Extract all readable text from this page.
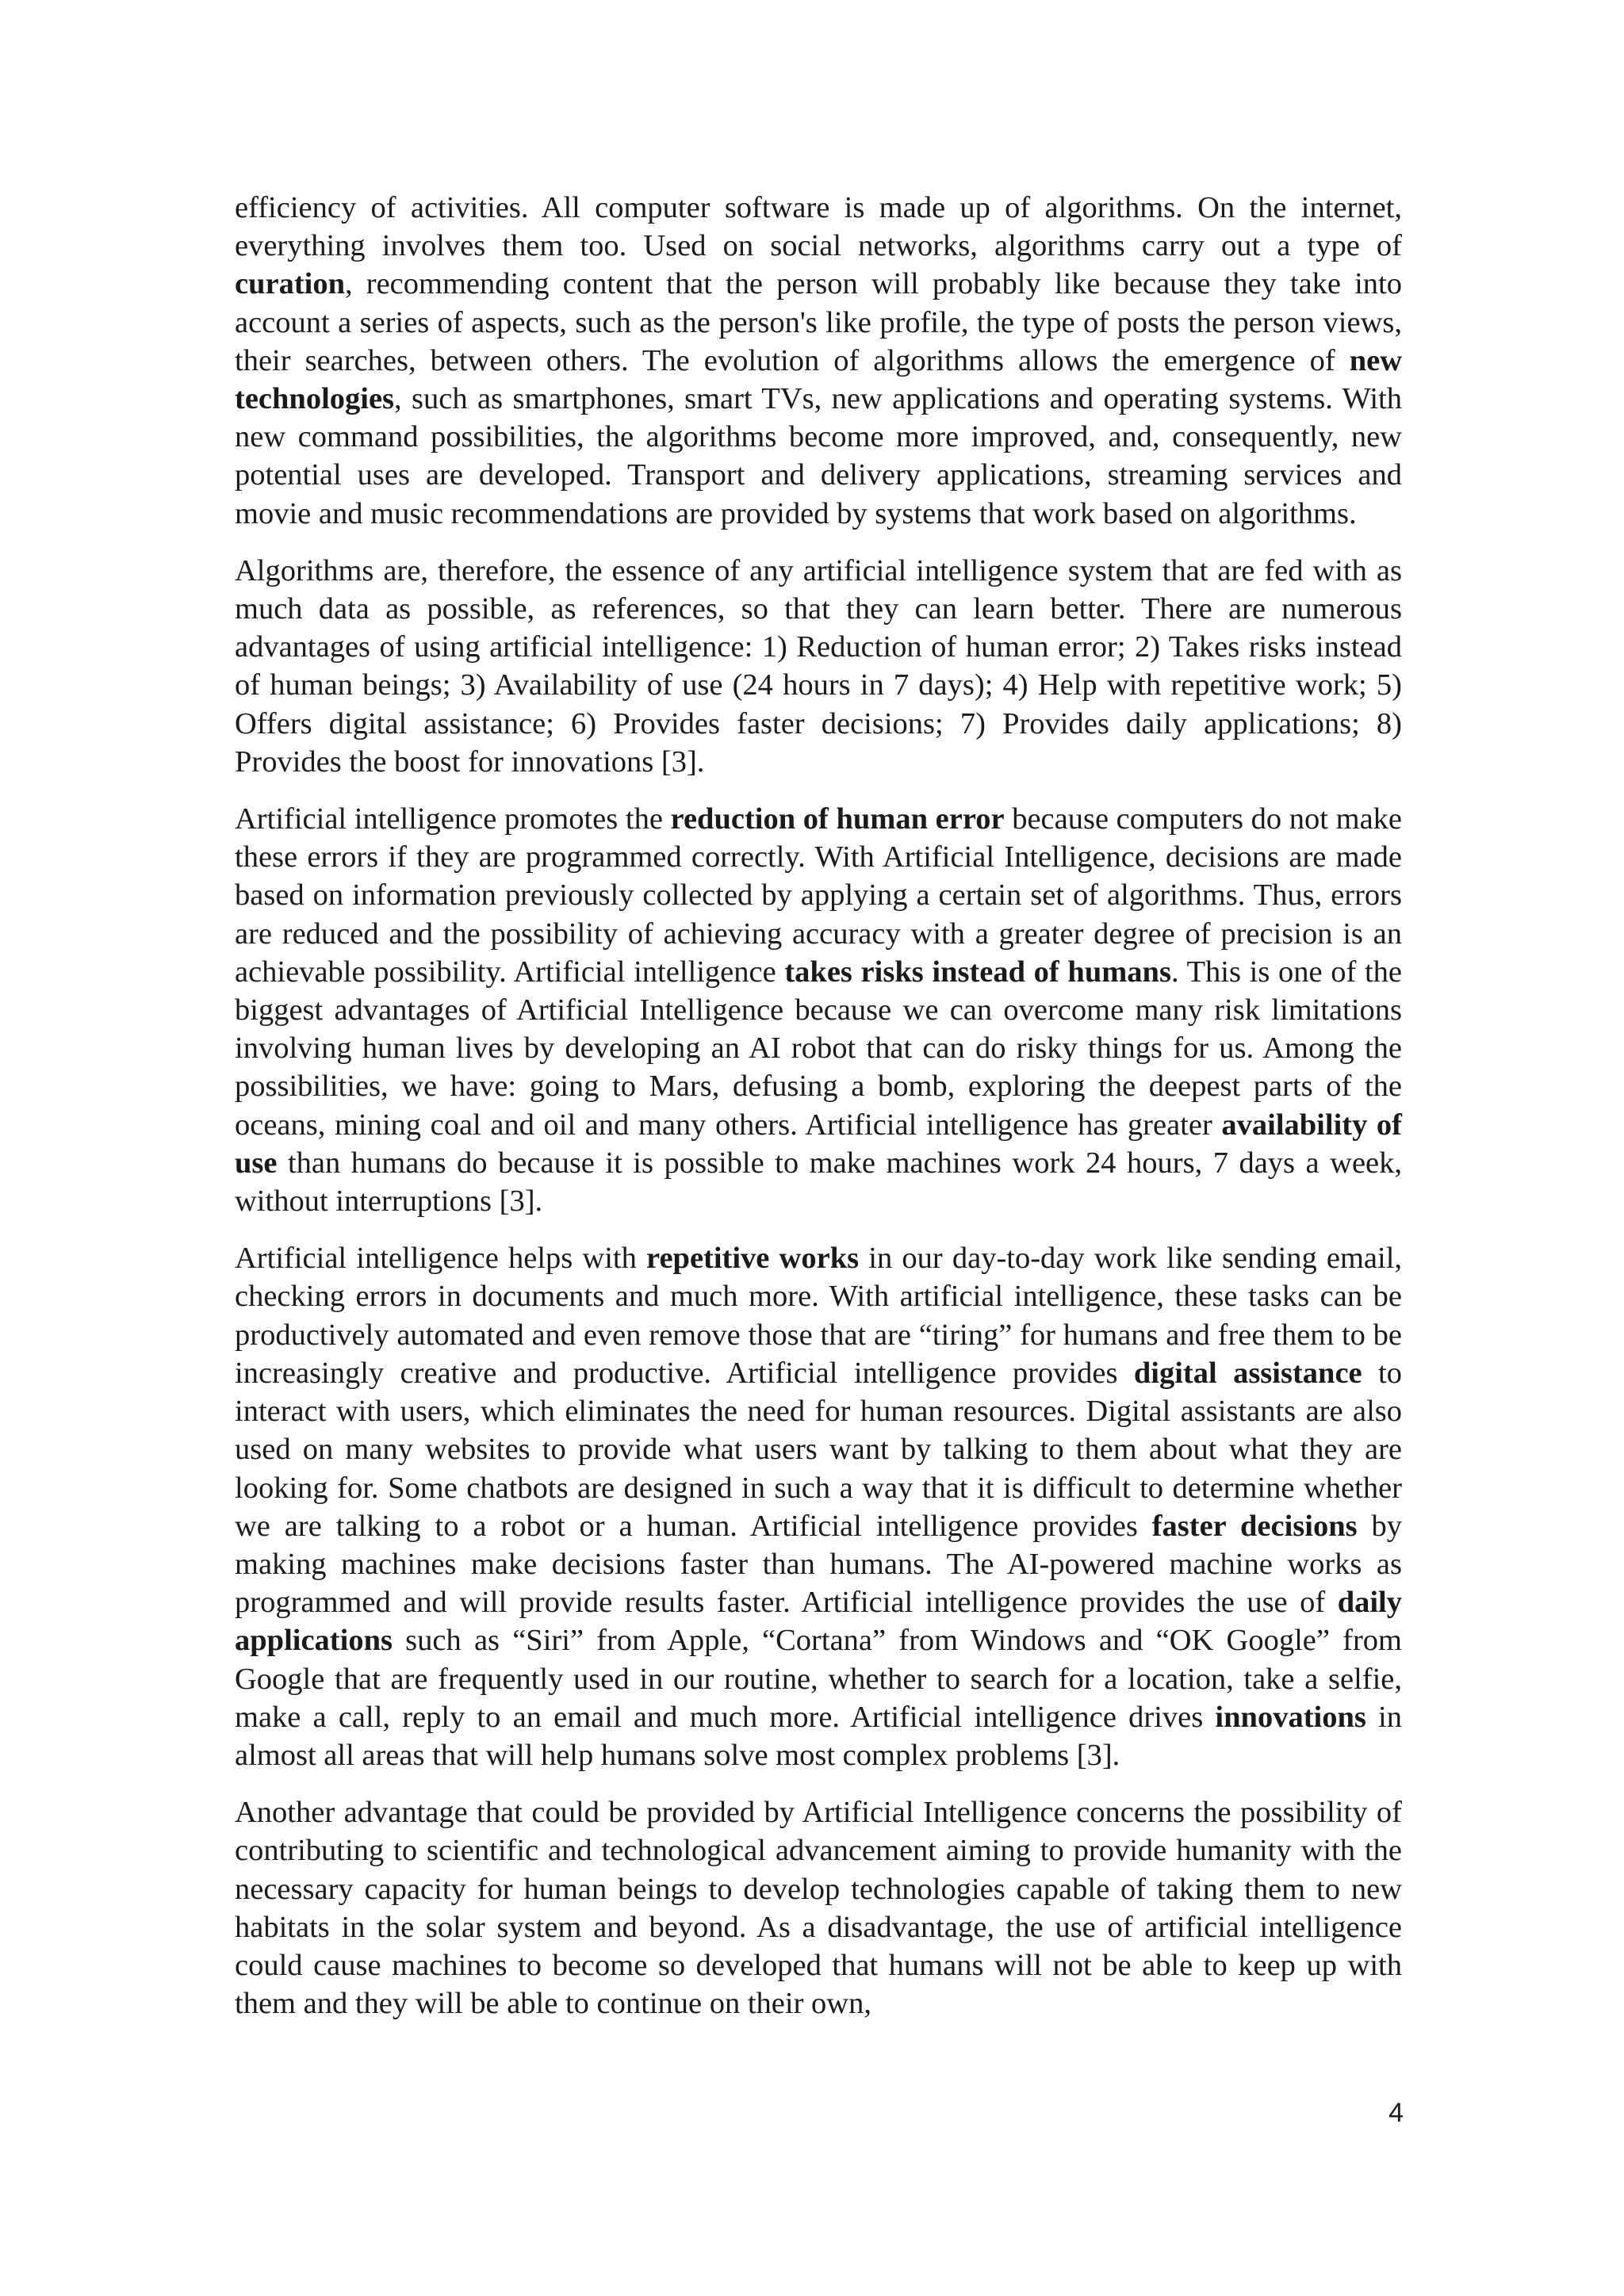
efficiency of activities. All computer software is made up of algorithms. On the internet, everything involves them too. Used on social networks, algorithms carry out a type of curation, recommending content that the person will probably like because they take into account a series of aspects, such as the person's like profile, the type of posts the person views, their searches, between others. The evolution of algorithms allows the emergence of new technologies, such as smartphones, smart TVs, new applications and operating systems. With new command possibilities, the algorithms become more improved, and, consequently, new potential uses are developed. Transport and delivery applications, streaming services and movie and music recommendations are provided by systems that work based on algorithms.

Algorithms are, therefore, the essence of any artificial intelligence system that are fed with as much data as possible, as references, so that they can learn better. There are numerous advantages of using artificial intelligence: 1) Reduction of human error; 2) Takes risks instead of human beings; 3) Availability of use (24 hours in 7 days); 4) Help with repetitive work; 5) Offers digital assistance; 6) Provides faster decisions; 7) Provides daily applications; 8) Provides the boost for innovations [3].

Artificial intelligence promotes the reduction of human error because computers do not make these errors if they are programmed correctly. With Artificial Intelligence, decisions are made based on information previously collected by applying a certain set of algorithms. Thus, errors are reduced and the possibility of achieving accuracy with a greater degree of precision is an achievable possibility. Artificial intelligence takes risks instead of humans. This is one of the biggest advantages of Artificial Intelligence because we can overcome many risk limitations involving human lives by developing an AI robot that can do risky things for us. Among the possibilities, we have: going to Mars, defusing a bomb, exploring the deepest parts of the oceans, mining coal and oil and many others. Artificial intelligence has greater availability of use than humans do because it is possible to make machines work 24 hours, 7 days a week, without interruptions [3].

Artificial intelligence helps with repetitive works in our day-to-day work like sending email, checking errors in documents and much more. With artificial intelligence, these tasks can be productively automated and even remove those that are “tiring” for humans and free them to be increasingly creative and productive. Artificial intelligence provides digital assistance to interact with users, which eliminates the need for human resources. Digital assistants are also used on many websites to provide what users want by talking to them about what they are looking for. Some chatbots are designed in such a way that it is difficult to determine whether we are talking to a robot or a human. Artificial intelligence provides faster decisions by making machines make decisions faster than humans. The AI-powered machine works as programmed and will provide results faster. Artificial intelligence provides the use of daily applications such as “Siri” from Apple, “Cortana” from Windows and “OK Google” from Google that are frequently used in our routine, whether to search for a location, take a selfie, make a call, reply to an email and much more. Artificial intelligence drives innovations in almost all areas that will help humans solve most complex problems [3].

Another advantage that could be provided by Artificial Intelligence concerns the possibility of contributing to scientific and technological advancement aiming to provide humanity with the necessary capacity for human beings to develop technologies capable of taking them to new habitats in the solar system and beyond. As a disadvantage, the use of artificial intelligence could cause machines to become so developed that humans will not be able to keep up with them and they will be able to continue on their own,

4
